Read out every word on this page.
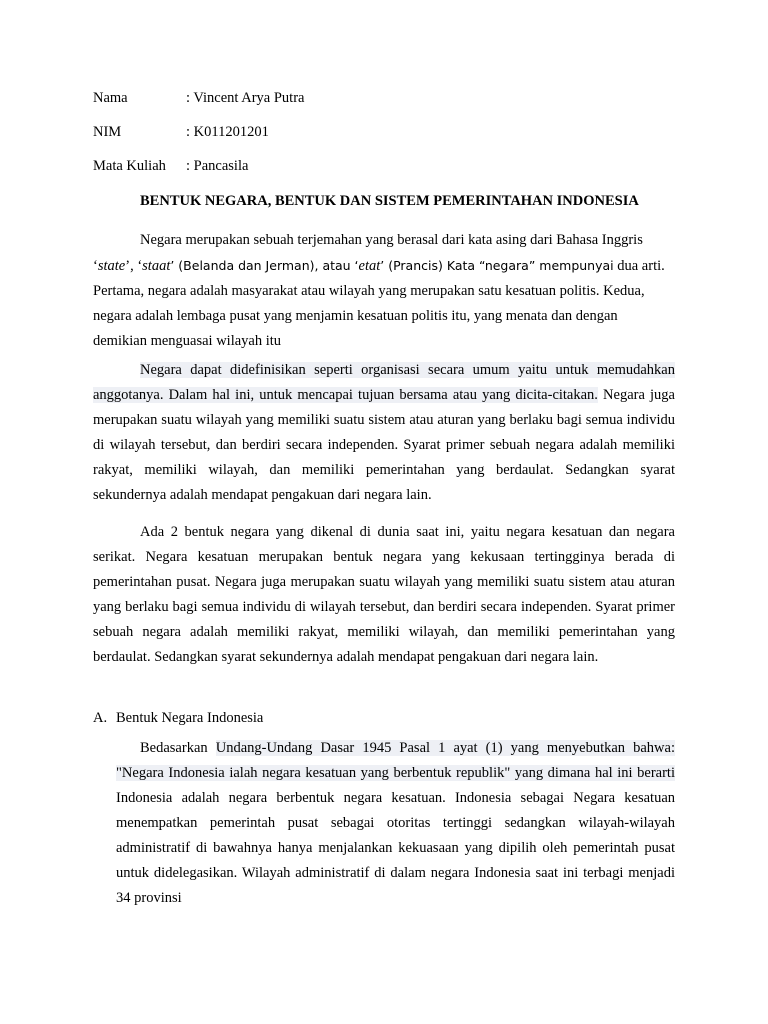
Nama	: Vincent Arya Putra
NIM	: K011201201
Mata Kuliah : Pancasila
BENTUK NEGARA, BENTUK DAN SISTEM PEMERINTAHAN INDONESIA

Negara merupakan sebuah terjemahan yang berasal dari kata asing dari Bahasa Inggris ‘state’, ‘staat’ (Belanda dan Jerman), atau ‘etat’ (Prancis) Kata “negara” mempunyai dua arti. Pertama, negara adalah masyarakat atau wilayah yang merupakan satu kesatuan politis. Kedua, negara adalah lembaga pusat yang menjamin kesatuan politis itu, yang menata dan dengan demikian menguasai wilayah itu

Negara dapat didefinisikan seperti organisasi secara umum yaitu untuk memudahkan anggotanya. Dalam hal ini, untuk mencapai tujuan bersama atau yang dicita-citakan. Negara juga merupakan suatu wilayah yang memiliki suatu sistem atau aturan yang berlaku bagi semua individu di wilayah tersebut, dan berdiri secara independen. Syarat primer sebuah negara adalah memiliki rakyat, memiliki wilayah, dan memiliki pemerintahan yang berdaulat. Sedangkan syarat sekundernya adalah mendapat pengakuan dari negara lain.

Ada 2 bentuk negara yang dikenal di dunia saat ini, yaitu negara kesatuan dan negara serikat. Negara kesatuan merupakan bentuk negara yang kekusaan tertingginya berada di pemerintahan pusat. Negara juga merupakan suatu wilayah yang memiliki suatu sistem atau aturan yang berlaku bagi semua individu di wilayah tersebut, dan berdiri secara independen. Syarat primer sebuah negara adalah memiliki rakyat, memiliki wilayah, dan memiliki pemerintahan yang berdaulat. Sedangkan syarat sekundernya adalah mendapat pengakuan dari negara lain.

A. Bentuk Negara Indonesia

Bedasarkan Undang-Undang Dasar 1945 Pasal 1 ayat (1) yang menyebutkan bahwa: "Negara Indonesia ialah negara kesatuan yang berbentuk republik" yang dimana hal ini berarti Indonesia adalah negara berbentuk negara kesatuan. Indonesia sebagai Negara kesatuan menempatkan pemerintah pusat sebagai otoritas tertinggi sedangkan wilayah-wilayah administratif di bawahnya hanya menjalankan kekuasaan yang dipilih oleh pemerintah pusat untuk didelegasikan. Wilayah administratif di dalam negara Indonesia saat ini terbagi menjadi 34 provinsi
